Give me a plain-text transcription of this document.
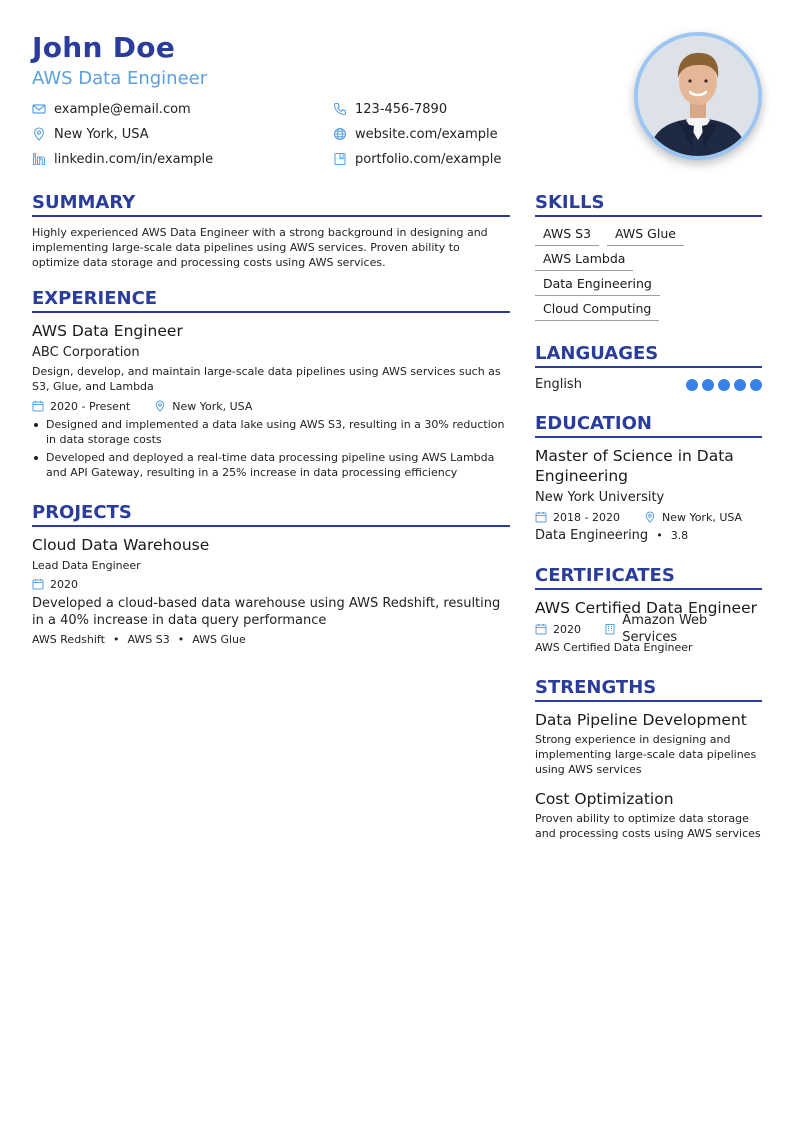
John Doe
AWS Data Engineer
example@email.com	123-456-7890
New York, USA	website.com/example
linkedin.com/in/example	portfolio.com/example
SUMMARY

Highly experienced AWS Data Engineer with a strong background in designing and implementing large-scale data pipelines using AWS services. Proven ability to optimize data storage and processing costs using AWS services.

EXPERIENCE
AWS Data Engineer
ABC Corporation

Design, develop, and maintain large-scale data pipelines using AWS services such as S3, Glue, and Lambda

2020 - Present	New York, USA
Designed and implemented a data lake using AWS S3, resulting in a 30% reduction in data storage costs
Developed and deployed a real-time data processing pipeline using AWS Lambda and API Gateway, resulting in a 25% increase in data processing efficiency
PROJECTS
Cloud Data Warehouse
Lead Data Engineer
2020

Developed a cloud-based data warehouse using AWS Redshift, resulting in a 40% increase in data query performance

AWS Redshift • AWS S3 • AWS Glue
SKILLS
AWS S3	AWS Glue
AWS Lambda
Data Engineering
Cloud Computing
LANGUAGES
English
EDUCATION
Master of Science in Data Engineering
New York University
2018 - 2020	New York, USA
Data Engineering • 3.8
CERTIFICATES
AWS Certified Data Engineer
2020
Amazon Web Services
AWS Certified Data Engineer
STRENGTHS
Data Pipeline Development

Strong experience in designing and implementing large-scale data pipelines using AWS services

Cost Optimization

Proven ability to optimize data storage and processing costs using AWS services
